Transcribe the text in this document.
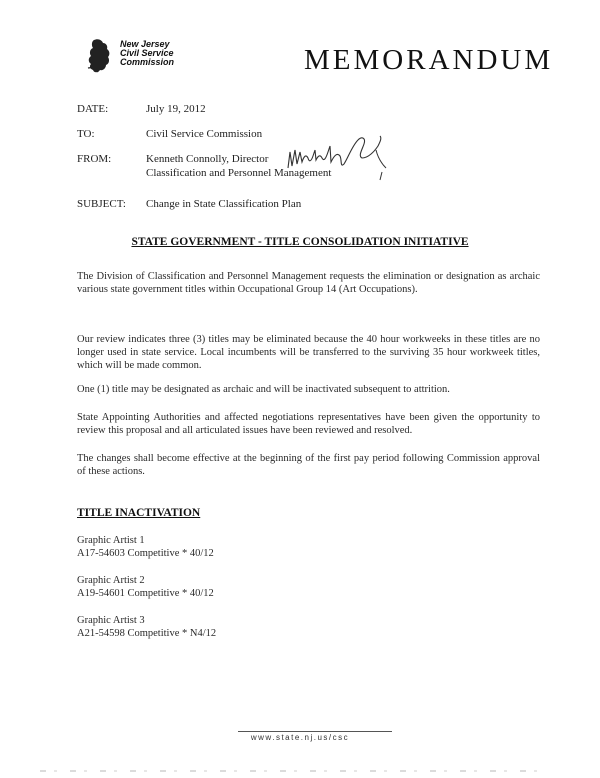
New Jersey
Civil Service
Commission	MEMORANDUM
DATE:	July 19, 2012
TO:	Civil Service Commission
FROM:	Kenneth Connolly, Director
Classification and Personnel Management
SUBJECT: Change in State Classification Plan
STATE GOVERNMENT - TITLE CONSOLIDATION INITIATIVE
The Division of Classification and Personnel Management requests the elimination or designation as archaic various state government titles within Occupational Group 14 (Art Occupations).
Our review indicates three (3) titles may be eliminated because the 40 hour workweeks in these titles are no longer used in state service. Local incumbents will be transferred to the surviving 35 hour workweek titles, which will be made common.
One (1) title may be designated as archaic and will be inactivated subsequent to attrition.
State Appointing Authorities and affected negotiations representatives have been given the opportunity to review this proposal and all articulated issues have been reviewed and resolved.
The changes shall become effective at the beginning of the first pay period following Commission approval of these actions.
TITLE INACTIVATION
Graphic Artist 1
A17-54603 Competitive * 40/12
Graphic Artist 2
A19-54601 Competitive * 40/12
Graphic Artist 3
A21-54598 Competitive * N4/12
www.state.nj.us/csc
